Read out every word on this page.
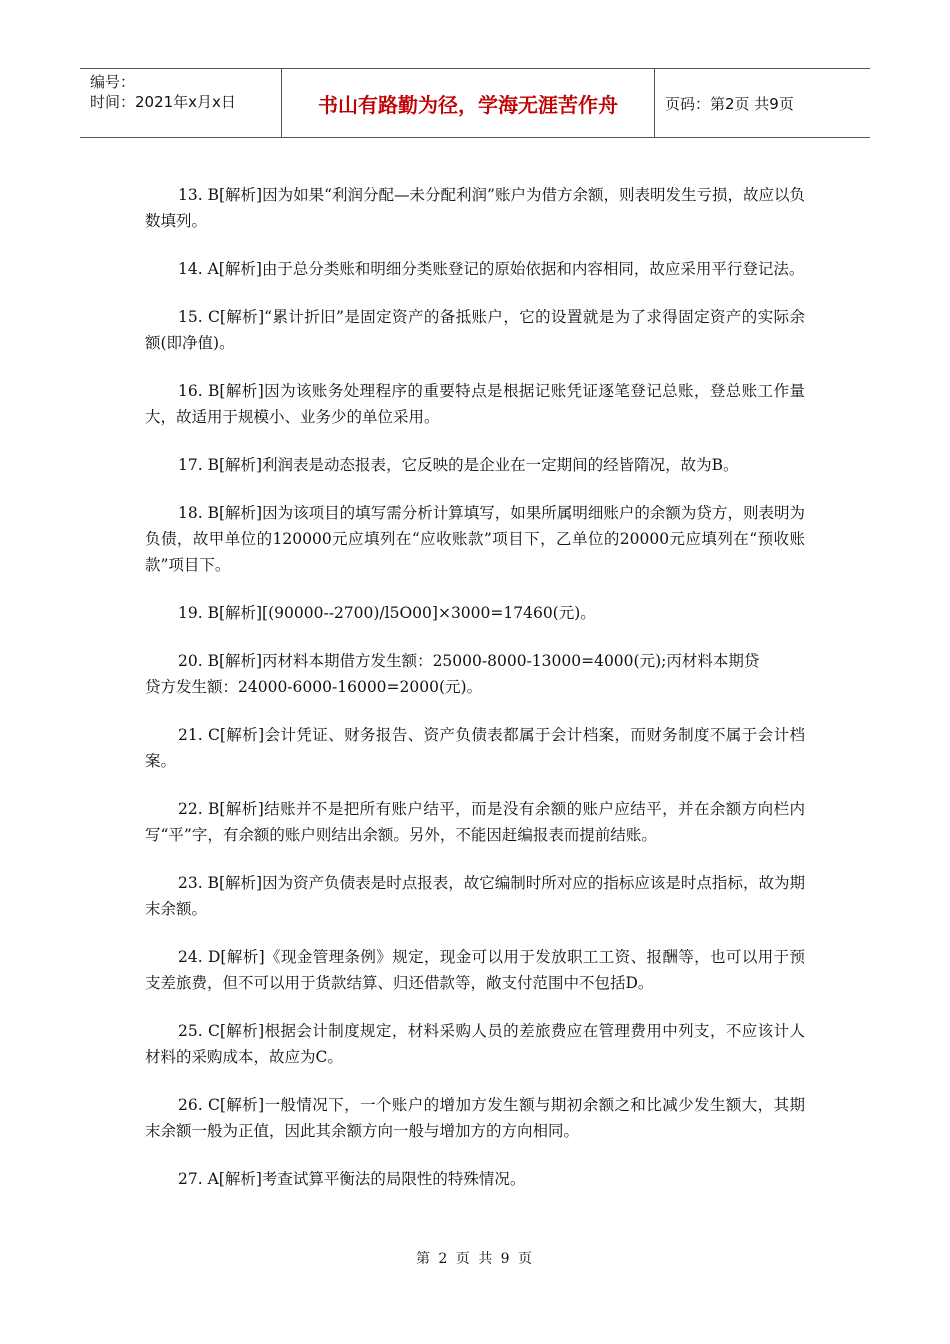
编号：
时间：2021年x月x日	书山有路勤为径，学海无涯苦作舟	页码：第2页 共9页

13. B[解析]因为如果“利润分配—未分配利润”账户为借方余额，则表明发生亏损，故应以负数填列。

14. A[解析]由于总分类账和明细分类账登记的原始依据和内容相同，故应采用平行登记法。

15. C[解析]“累计折旧”是固定资产的备抵账户，它的设置就是为了求得固定资产的实际余额(即净值)。

16. B[解析]因为该账务处理程序的重要特点是根据记账凭证逐笔登记总账，登总账工作量大，故适用于规模小、业务少的单位采用。

17. B[解析]利润表是动态报表，它反映的是企业在一定期间的经皆隋况，故为B。

18. B[解析]因为该项目的填写需分析计算填写，如果所属明细账户的余额为贷方，则表明为负债，故甲单位的120000元应填列在“应收账款”项目下，乙单位的20000元应填列在“预收账款”项目下。

19. B[解析][(90000--2700)/l5O00]×3000=17460(元)。

20. B[解析]丙材料本期借方发生额：25000-8000-13000=4000(元);丙材料本期贷
贷方发生额：24000-6000-16000=2000(元)。

21. C[解析]会计凭证、财务报告、资产负债表都属于会计档案，而财务制度不属于会计档案。

22. B[解析]结账并不是把所有账户结平，而是没有余额的账户应结平，并在余额方向栏内写“平”字，有余额的账户则结出余额。另外，不能因赶编报表而提前结账。

23. B[解析]因为资产负债表是时点报表，故它编制时所对应的指标应该是时点指标，故为期末余额。

24. D[解析]《现金管理条例》规定，现金可以用于发放职工工资、报酬等，也可以用于预支差旅费，但不可以用于货款结算、归还借款等，敞支付范围中不包括D。

25. C[解析]根据会计制度规定，材料采购人员的差旅费应在管理费用中列支，不应该计人材料的采购成本，故应为C。

26. C[解析]一般情况下，一个账户的增加方发生额与期初余额之和比减少发生额大，其期末余额一般为正值，因此其余额方向一般与增加方的方向相同。

27. A[解析]考查试算平衡法的局限性的特殊情况。

第 2 页 共 9 页
